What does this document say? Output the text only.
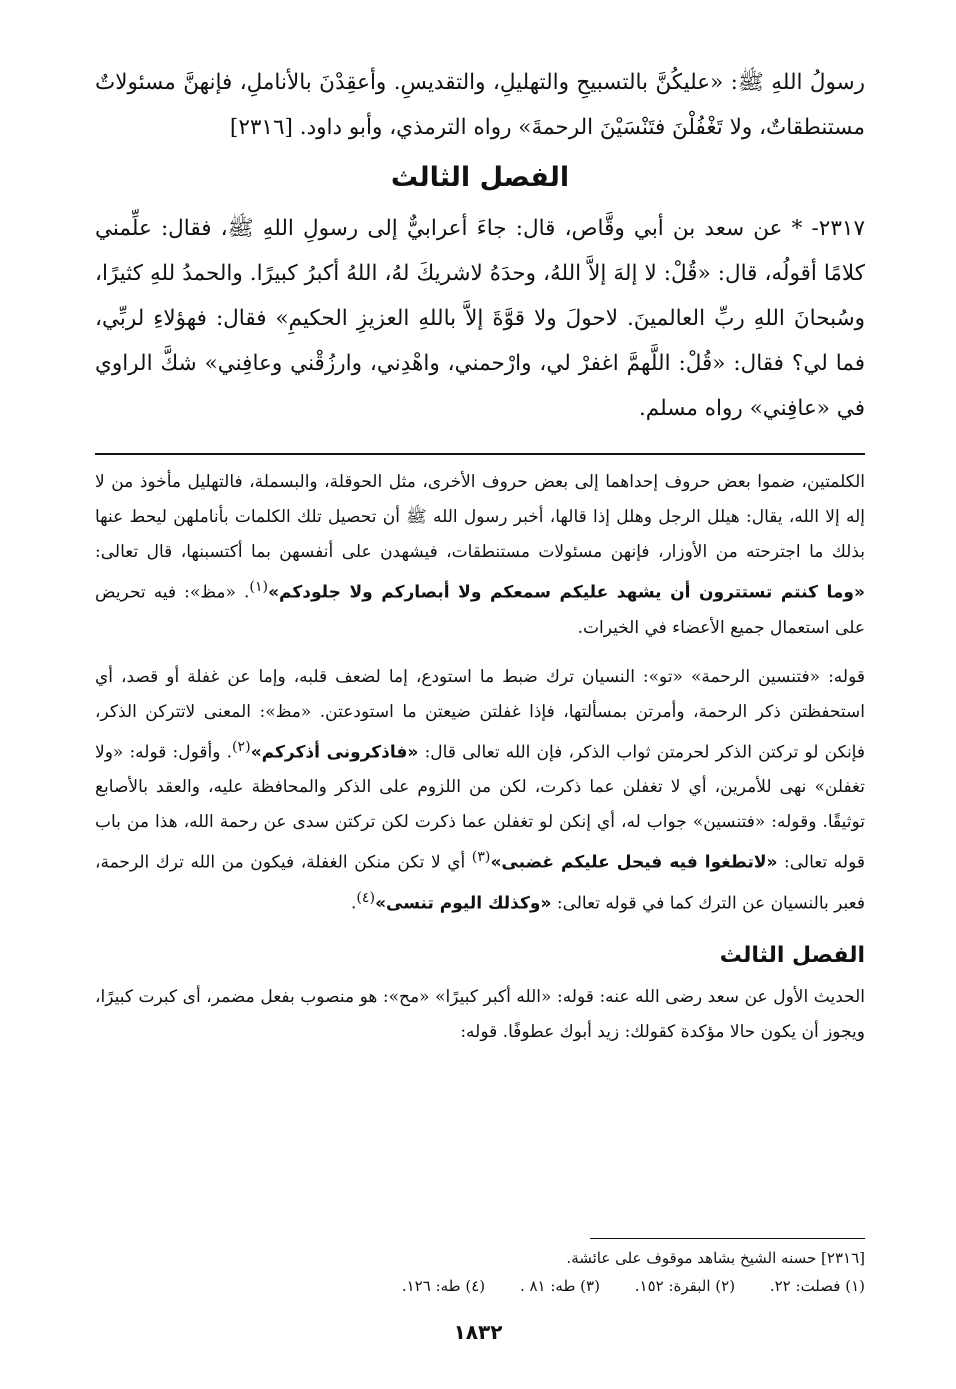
رسولُ اللهِ ﷺ: «عليكُنَّ بالتسبيحِ والتهليلِ، والتقديسِ. وأعقِدْنَ بالأناملِ، فإنهنَّ مسئولاتٌ مستنطقاتٌ، ولا تَغْفُلْنَ فتَنْسَيْنَ الرحمةَ» رواه الترمذي، وأبو داود. [٢٣١٦]

الفصل الثالث

٢٣١٧- * عن سعد بن أبي وقَّاص، قال: جاءَ أعرابيٌّ إلى رسولِ اللهِ ﷺ، فقال: علِّمني كلامًا أقولُه، قال: «قُلْ: لا إلهَ إلاَّ اللهُ، وحدَهُ لاشريكَ لهُ، اللهُ أكبرُ كبيرًا. والحمدُ للهِ كثيرًا، وسُبحانَ اللهِ ربِّ العالمينَ. لاحولَ ولا قوَّةَ إلاَّ باللهِ العزيزِ الحكيمِ» فقال: فهؤلاءِ لربِّي، فما لي؟ فقال: «قُلْ: اللَّهمَّ اغفرْ لي، وارْحمني، واهْدِني، وارزُقْني وعافِني» شكَّ الراوي في «عافِني» رواه مسلم.

الكلمتين، ضموا بعض حروف إحداهما إلى بعض حروف الأخرى، مثل الحوقلة، والبسملة، فالتهليل مأخوذ من لا إله إلا الله، يقال: هيلل الرجل وهلل إذا قالها، أخبر رسول الله ﷺ أن تحصيل تلك الكلمات بأناملهن ليحط عنها بذلك ما اجترحته من الأوزار، فإنهن مسئولات مستنطقات، فيشهدن على أنفسهن بما أكتسبنها، قال تعالى: «وما كنتم تستترون أن يشهد عليكم سمعكم ولا أبصاركم ولا جلودكم»$^{(١)}$. «مظ»: فيه تحريض على استعمال جميع الأعضاء في الخيرات.

قوله: «فتنسين الرحمة» «تو»: النسيان ترك ضبط ما استودع، إما لضعف قلبه، وإما عن غفلة أو قصد، أي استحفظتن ذكر الرحمة، وأمرتن بمسألتها، فإذا غفلتن ضيعتن ما استودعتن. «مظ»: المعنى لاتتركن الذكر، فإنكن لو تركتن الذكر لحرمتن ثواب الذكر، فإن الله تعالى قال: «فاذكرونى أذكركم»$^{(٢)}$. وأقول: قوله: «ولا تغفلن» نهى للأمرين، أي لا تغفلن عما ذكرت، لكن من اللزوم على الذكر والمحافظة عليه، والعقد بالأصابع توثيقًا. وقوله: «فتنسين» جواب له، أي إنكن لو تغفلن عما ذكرت لكن تركتن سدى عن رحمة الله، هذا من باب قوله تعالى: «لاتطغوا فيه فيحل عليكم غضبى»$^{(٣)}$ أي لا تكن منكن الغفلة، فيكون من الله ترك الرحمة، فعبر بالنسيان عن الترك كما في قوله تعالى: «وكذلك اليوم تنسى»$^{(٤)}$.

الفصل الثالث

الحديث الأول عن سعد رضى الله عنه: قوله: «الله أكبر كبيرًا» «مح»: هو منصوب بفعل مضمر، أى كبرت كبيرًا، ويجوز أن يكون حالا مؤكدة كقولك: زيد أبوك عطوفًا. قوله:

[٢٣١٦] حسنه الشيخ بشاهد موقوف على عائشة.

(١) فصلت: ٢٢. (٢) البقرة: ١٥٢. (٣) طه: ٨١ . (٤) طه: ١٢٦.

١٨٣٢
